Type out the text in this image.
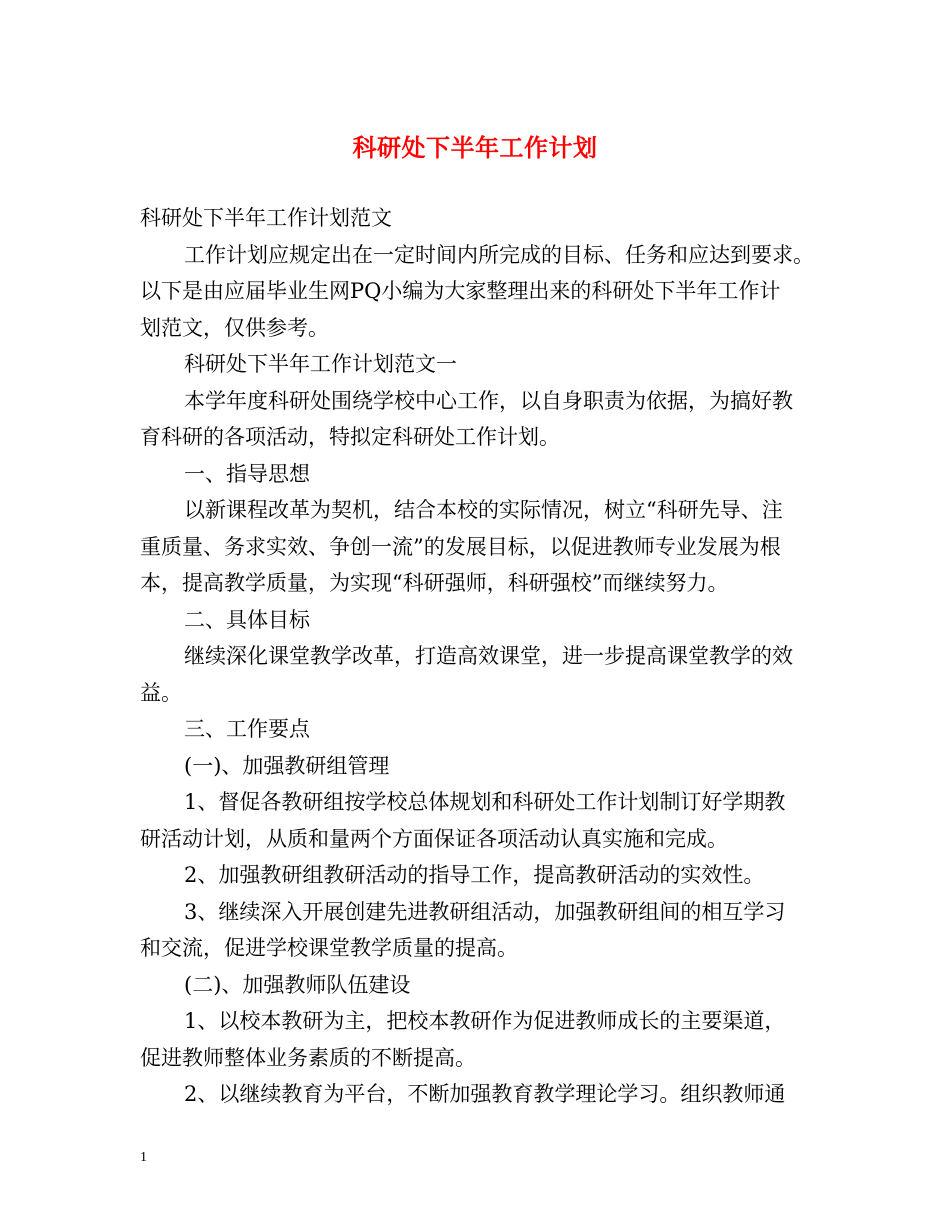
科研处下半年工作计划

科研处下半年工作计划范文

工作计划应规定出在一定时间内所完成的目标、任务和应达到要求。

以下是由应届毕业生网PQ小编为大家整理出来的科研处下半年工作计

划范文，仅供参考。

科研处下半年工作计划范文一

本学年度科研处围绕学校中心工作，以自身职责为依据，为搞好教

育科研的各项活动，特拟定科研处工作计划。

一、指导思想

以新课程改革为契机，结合本校的实际情况，树立“科研先导、注

重质量、务求实效、争创一流”的发展目标，以促进教师专业发展为根

本，提高教学质量，为实现“科研强师，科研强校”而继续努力。

二、具体目标

继续深化课堂教学改革，打造高效课堂，进一步提高课堂教学的效

益。

三、工作要点

(一)、加强教研组管理

1、督促各教研组按学校总体规划和科研处工作计划制订好学期教

研活动计划，从质和量两个方面保证各项活动认真实施和完成。

2、加强教研组教研活动的指导工作，提高教研活动的实效性。

3、继续深入开展创建先进教研组活动，加强教研组间的相互学习

和交流，促进学校课堂教学质量的提高。

(二)、加强教师队伍建设

1、以校本教研为主，把校本教研作为促进教师成长的主要渠道，

促进教师整体业务素质的不断提高。

2、以继续教育为平台，不断加强教育教学理论学习。组织教师通

1
